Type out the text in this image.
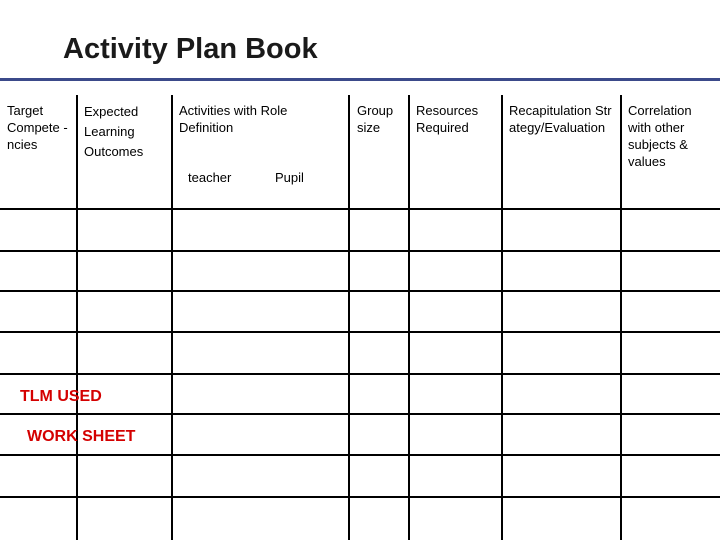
Activity Plan Book
Target Compete -ncies
Expected Learning Outcomes
Activities with Role Definition
teacher	Pupil
Group size
Resources Required
Recapitulation Strategy/Evaluation
Correlation with other subjects & values
TLM USED
WORK SHEET
